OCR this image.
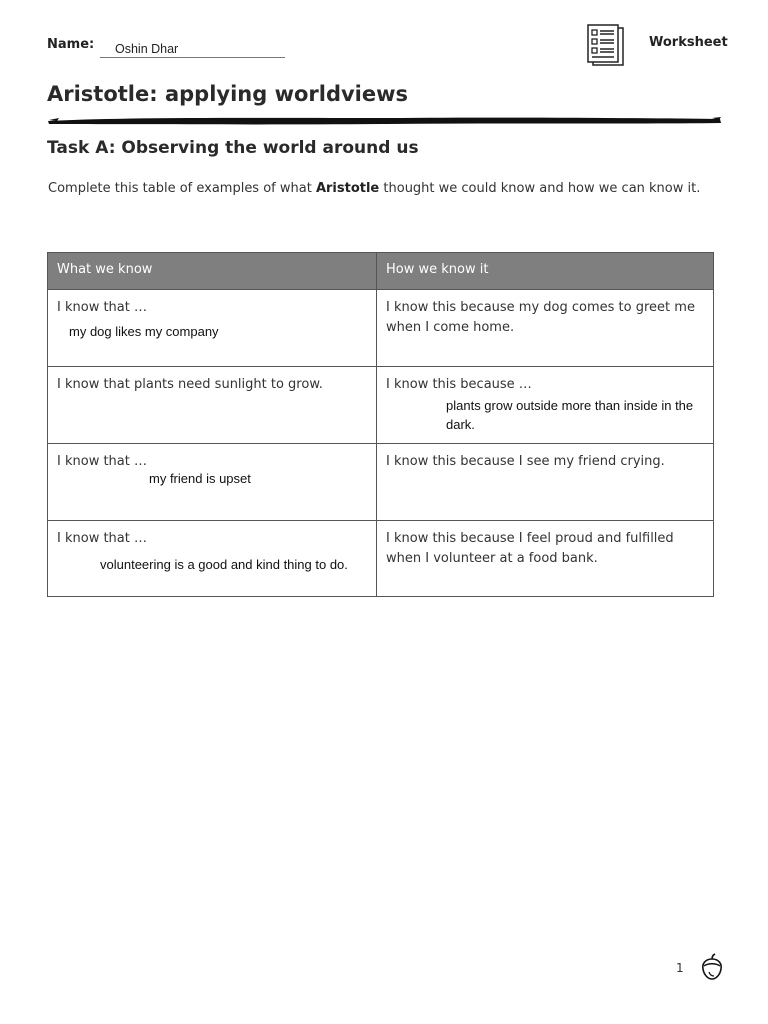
Name:	Oshin Dhar	Worksheet
Aristotle: applying worldviews
Task A: Observing the world around us
Complete this table of examples of what Aristotle thought we could know and how we can know it.
What we know	How we know it
I know that …
my dog likes my company	I know this because my dog comes to greet me when I come home.
I know that plants need sunlight to grow.	I know this because …
plants grow outside more than inside in the dark.

I know that …
my friend is upset	I know this because I see my friend crying.
I know that …
volunteering is a good and kind thing to do.	I know this because I feel proud and fulfilled when I volunteer at a food bank.
1
